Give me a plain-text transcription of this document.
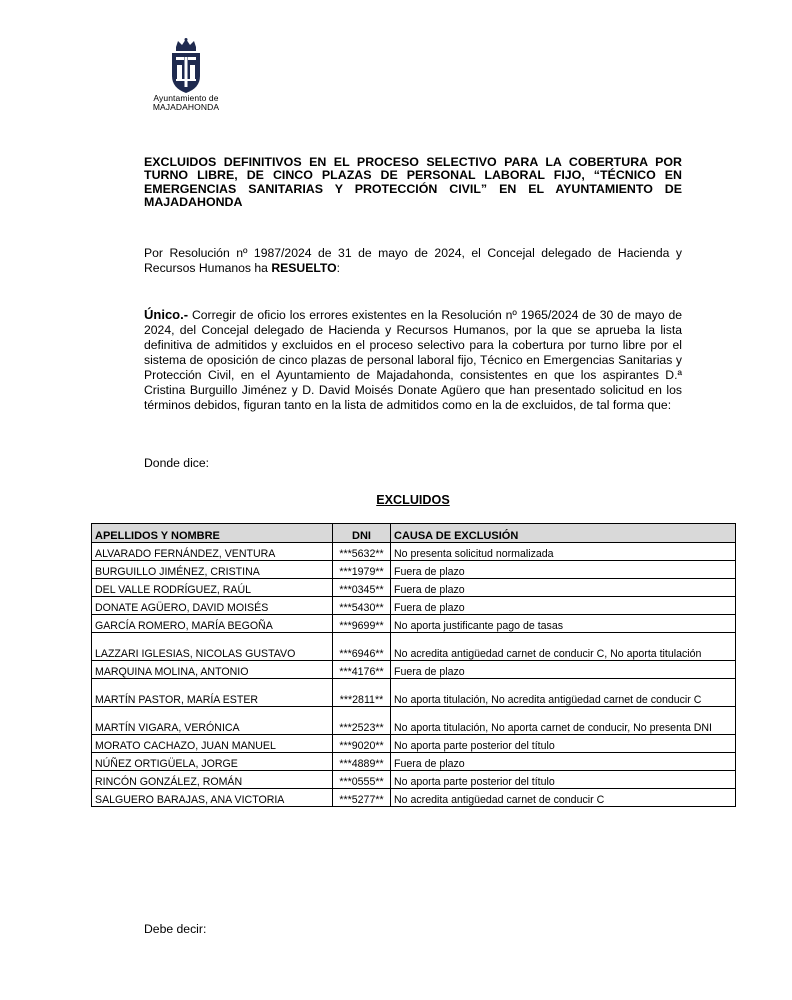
Ayuntamiento de
MAJADAHONDA
EXCLUIDOS DEFINITIVOS EN EL PROCESO SELECTIVO PARA LA COBERTURA POR TURNO LIBRE, DE CINCO PLAZAS DE PERSONAL LABORAL FIJO, “TÉCNICO EN EMERGENCIAS SANITARIAS Y PROTECCIÓN CIVIL” EN EL AYUNTAMIENTO DE MAJADAHONDA
Por Resolución nº 1987/2024 de 31 de mayo de 2024, el Concejal delegado de Hacienda y Recursos Humanos ha RESUELTO:
Único.- Corregir de oficio los errores existentes en la Resolución nº 1965/2024 de 30 de mayo de 2024, del Concejal delegado de Hacienda y Recursos Humanos, por la que se aprueba la lista definitiva de admitidos y excluidos en el proceso selectivo para la cobertura por turno libre por el sistema de oposición de cinco plazas de personal laboral fijo, Técnico en Emergencias Sanitarias y Protección Civil, en el Ayuntamiento de Majadahonda, consistentes en que los aspirantes D.ª Cristina Burguillo Jiménez y D. David Moisés Donate Agüero que han presentado solicitud en los términos debidos, figuran tanto en la lista de admitidos como en la de excluidos, de tal forma que:
Donde dice:
EXCLUIDOS
APELLIDOS Y NOMBRE	DNI	CAUSA DE EXCLUSIÓN
ALVARADO FERNÁNDEZ, VENTURA	***5632**	No presenta solicitud normalizada
BURGUILLO JIMÉNEZ, CRISTINA	***1979**	Fuera de plazo
DEL VALLE RODRÍGUEZ, RAÚL	***0345**	Fuera de plazo
DONATE AGÜERO, DAVID MOISÉS	***5430**	Fuera de plazo
GARCÍA ROMERO, MARÍA BEGOÑA	***9699**	No aporta justificante pago de tasas
LAZZARI IGLESIAS, NICOLAS GUSTAVO	***6946**	No acredita antigüedad carnet de conducir C, No aporta titulación
MARQUINA MOLINA, ANTONIO	***4176**	Fuera de plazo
MARTÍN PASTOR, MARÍA ESTER	***2811**	No aporta titulación, No acredita antigüedad carnet de conducir C
MARTÍN VIGARA, VERÓNICA	***2523**	No aporta titulación, No aporta carnet de conducir, No presenta DNI
MORATO CACHAZO, JUAN MANUEL	***9020**	No aporta parte posterior del título
NÚÑEZ ORTIGÜELA, JORGE	***4889**	Fuera de plazo
RINCÓN GONZÁLEZ, ROMÁN	***0555**	No aporta parte posterior del título
SALGUERO BARAJAS, ANA VICTORIA	***5277**	No acredita antigüedad carnet de conducir C
Debe decir:
